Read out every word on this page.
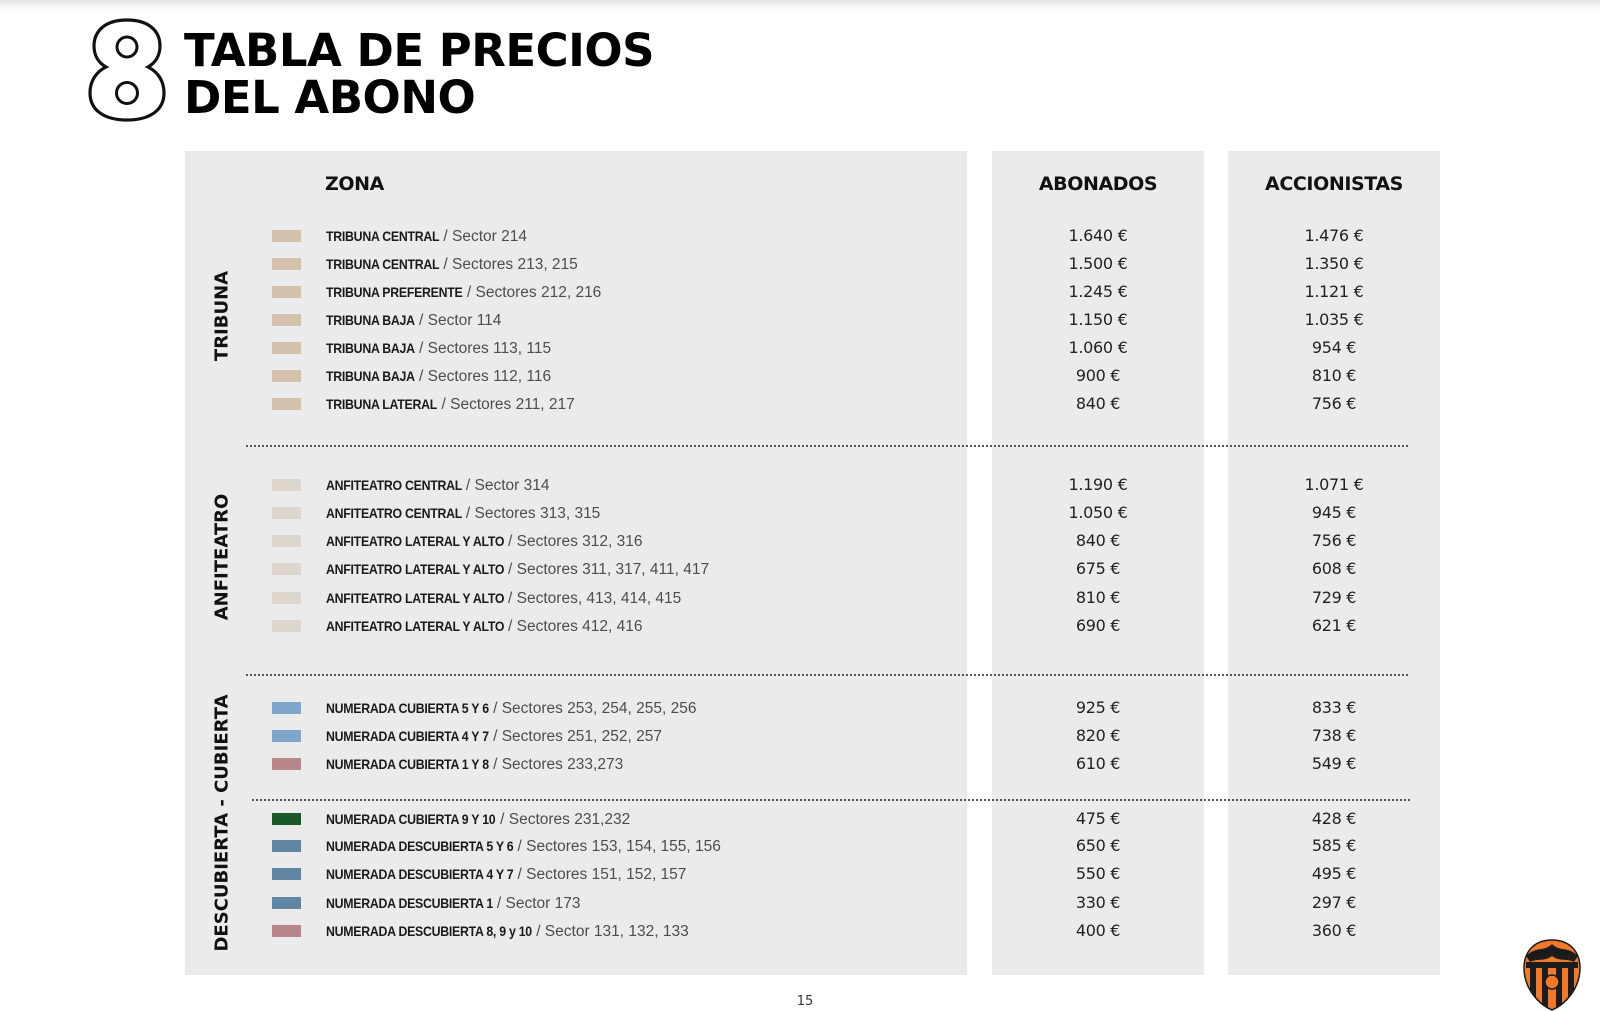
TABLA DE PRECIOS
DEL ABONO
ZONA	ABONADOS	ACCIONISTAS
TRIBUNA
ANFITEATRO
DESCUBIERTA - CUBIERTA
TRIBUNA CENTRAL / Sector 214	1.640 €	1.476 €
TRIBUNA CENTRAL / Sectores 213, 215	1.500 €	1.350 €
TRIBUNA PREFERENTE / Sectores 212, 216	1.245 €	1.121 €
TRIBUNA BAJA / Sector 114	1.150 €	1.035 €
TRIBUNA BAJA / Sectores 113, 115	1.060 €	954 €
TRIBUNA BAJA / Sectores 112, 116	900 €	810 €
TRIBUNA LATERAL / Sectores 211, 217	840 €	756 €
ANFITEATRO CENTRAL / Sector 314	1.190 €	1.071 €
ANFITEATRO CENTRAL / Sectores 313, 315	1.050 €	945 €
ANFITEATRO LATERAL Y ALTO / Sectores 312, 316	840 €	756 €
ANFITEATRO LATERAL Y ALTO / Sectores 311, 317, 411, 417	675 €	608 €
ANFITEATRO LATERAL Y ALTO / Sectores, 413, 414, 415	810 €	729 €
ANFITEATRO LATERAL Y ALTO / Sectores 412, 416	690 €	621 €
NUMERADA CUBIERTA 5 Y 6 / Sectores 253, 254, 255, 256	925 €	833 €
NUMERADA CUBIERTA 4 Y 7 / Sectores 251, 252, 257	820 €	738 €
NUMERADA CUBIERTA 1 Y 8 / Sectores 233,273	610 €	549 €
NUMERADA CUBIERTA 9 Y 10 / Sectores 231,232	475 €	428 €
NUMERADA DESCUBIERTA 5 Y 6 / Sectores 153, 154, 155, 156	650 €	585 €
NUMERADA DESCUBIERTA 4 Y 7 / Sectores 151, 152, 157	550 €	495 €
NUMERADA DESCUBIERTA 1 / Sector 173	330 €	297 €
NUMERADA DESCUBIERTA 8, 9 y 10 / Sector 131, 132, 133	400 €	360 €
15
